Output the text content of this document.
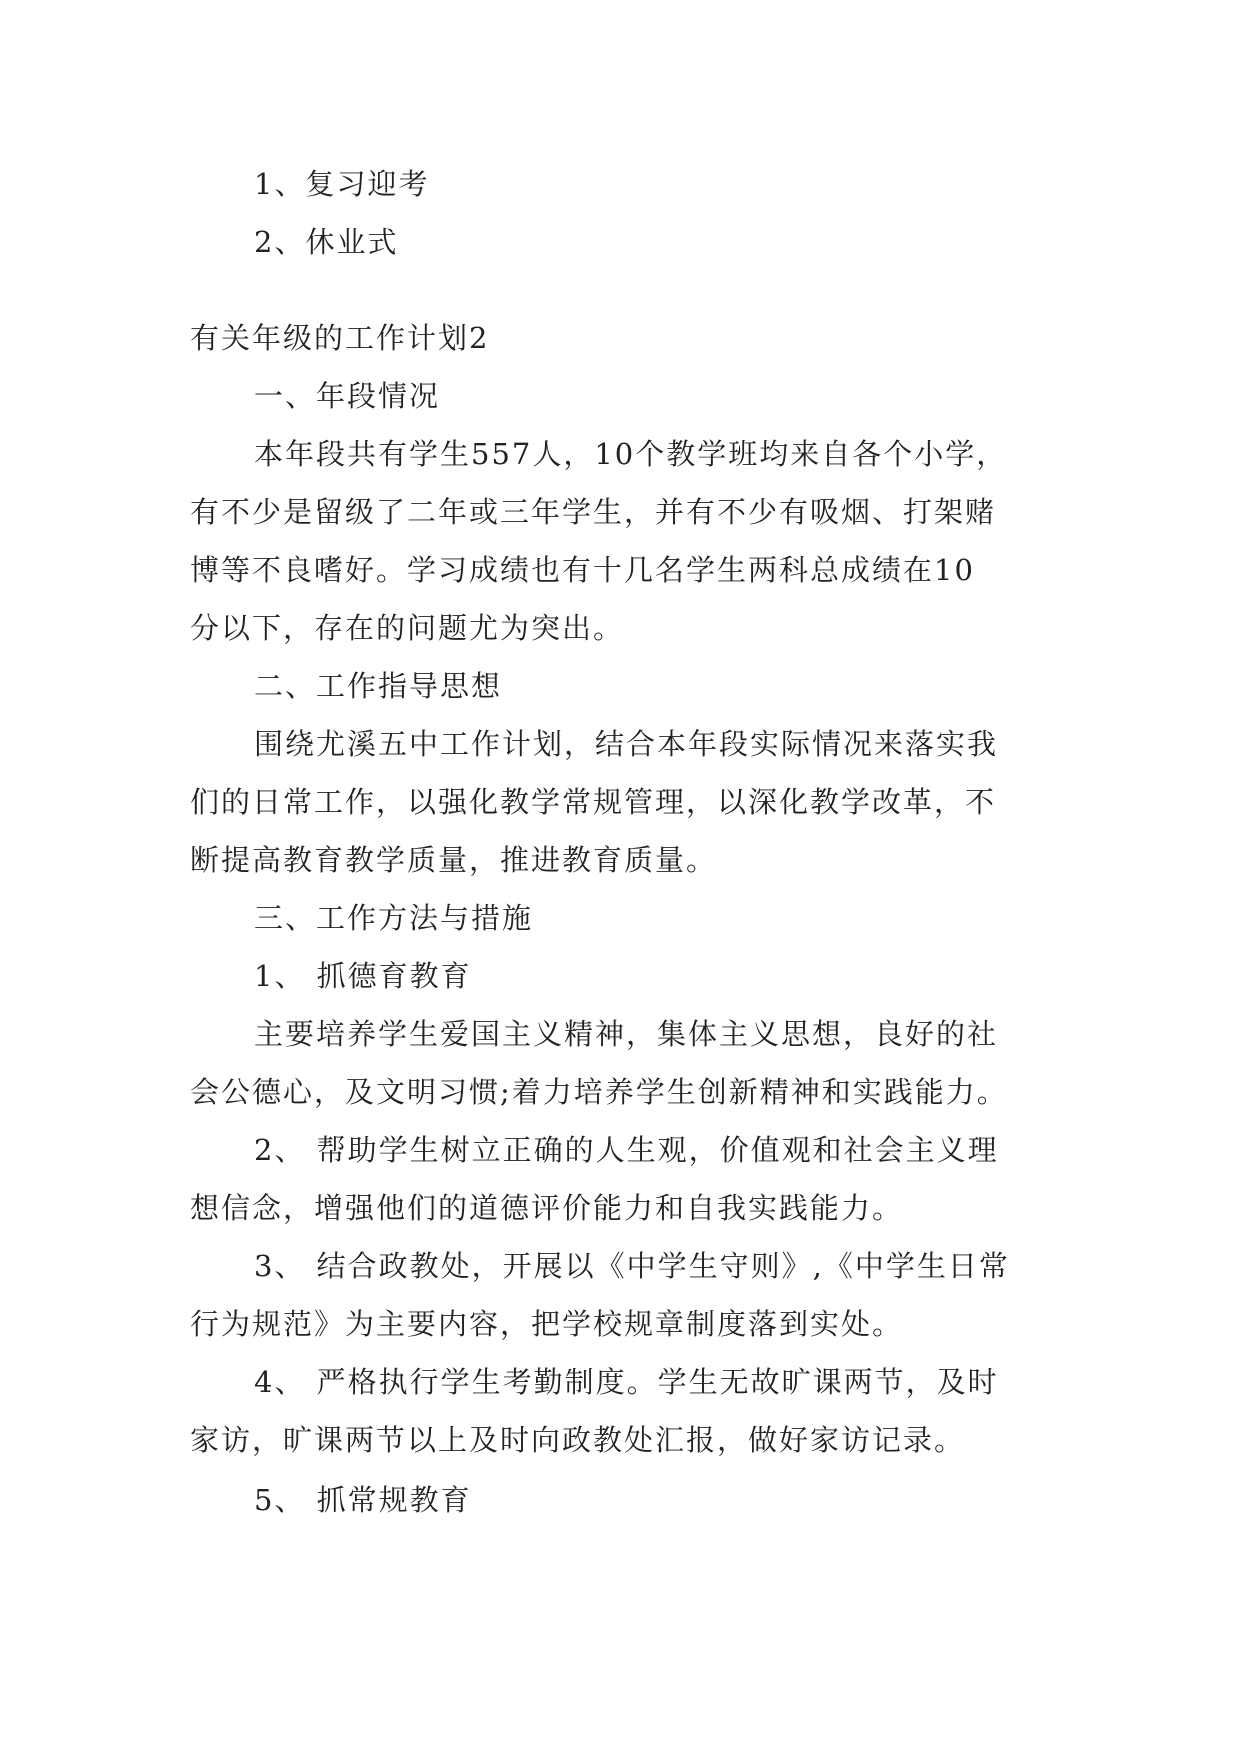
1、复习迎考
2、休业式
有关年级的工作计划2
一、年段情况
本年段共有学生557人，10个教学班均来自各个小学，
有不少是留级了二年或三年学生，并有不少有吸烟、打架赌
博等不良嗜好。学习成绩也有十几名学生两科总成绩在10
分以下，存在的问题尤为突出。
二、工作指导思想
围绕尤溪五中工作计划，结合本年段实际情况来落实我
们的日常工作，以强化教学常规管理，以深化教学改革，不
断提高教育教学质量，推进教育质量。
三、工作方法与措施
1、 抓德育教育
主要培养学生爱国主义精神，集体主义思想，良好的社
会公德心，及文明习惯;着力培养学生创新精神和实践能力。
2、 帮助学生树立正确的人生观，价值观和社会主义理
想信念，增强他们的道德评价能力和自我实践能力。
3、 结合政教处，开展以《中学生守则》,《中学生日常
行为规范》为主要内容，把学校规章制度落到实处。
4、 严格执行学生考勤制度。学生无故旷课两节，及时
家访，旷课两节以上及时向政教处汇报，做好家访记录。
5、 抓常规教育
